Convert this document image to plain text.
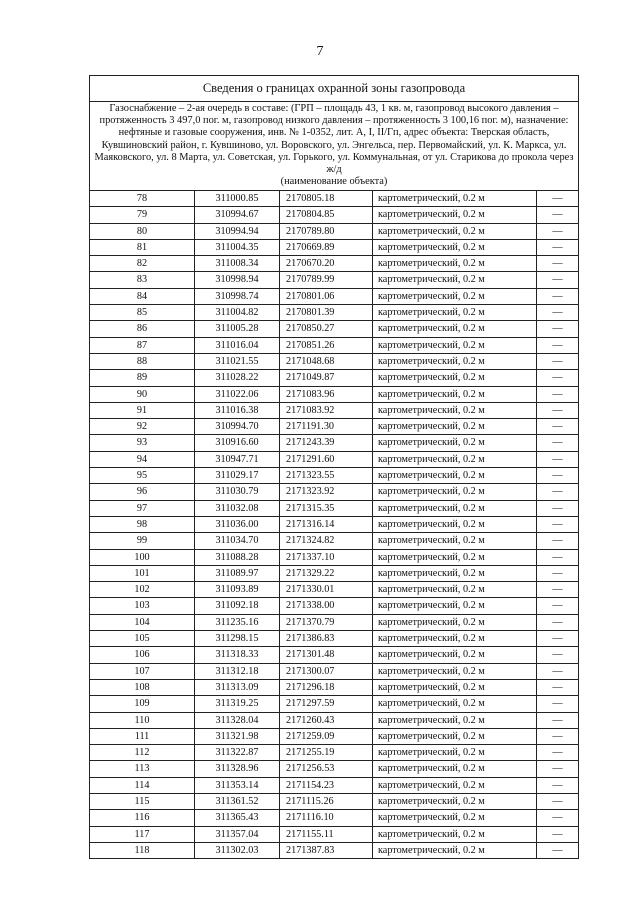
7
Сведения о границах охранной зоны газопровода
Газоснабжение – 2-ая очередь в составе: (ГРП – площадь 43, 1 кв. м, газопровод высокого давления – протяженность 3 497,0 пог. м, газопровод низкого давления – протяженность 3 100,16 пог. м), назначение: нефтяные и газовые сооружения, инв. № 1-0352, лит. А, I, II/Гп, адрес объекта: Тверская область, Кувшиновский район, г. Кувшиново, ул. Воровского, ул. Энгельса, пер. Первомайский, ул. К. Маркса, ул. Маяковского, ул. 8 Марта, ул. Советская, ул. Горького, ул. Коммунальная, от ул. Старикова до прокола через ж/д
(наименование объекта)
78	311000.85	2170805.18	картометрический, 0.2 м	—
79	310994.67	2170804.85	картометрический, 0.2 м	—
80	310994.94	2170789.80	картометрический, 0.2 м	—
81	311004.35	2170669.89	картометрический, 0.2 м	—
82	311008.34	2170670.20	картометрический, 0.2 м	—
83	310998.94	2170789.99	картометрический, 0.2 м	—
84	310998.74	2170801.06	картометрический, 0.2 м	—
85	311004.82	2170801.39	картометрический, 0.2 м	—
86	311005.28	2170850.27	картометрический, 0.2 м	—
87	311016.04	2170851.26	картометрический, 0.2 м	—
88	311021.55	2171048.68	картометрический, 0.2 м	—
89	311028.22	2171049.87	картометрический, 0.2 м	—
90	311022.06	2171083.96	картометрический, 0.2 м	—
91	311016.38	2171083.92	картометрический, 0.2 м	—
92	310994.70	2171191.30	картометрический, 0.2 м	—
93	310916.60	2171243.39	картометрический, 0.2 м	—
94	310947.71	2171291.60	картометрический, 0.2 м	—
95	311029.17	2171323.55	картометрический, 0.2 м	—
96	311030.79	2171323.92	картометрический, 0.2 м	—
97	311032.08	2171315.35	картометрический, 0.2 м	—
98	311036.00	2171316.14	картометрический, 0.2 м	—
99	311034.70	2171324.82	картометрический, 0.2 м	—
100	311088.28	2171337.10	картометрический, 0.2 м	—
101	311089.97	2171329.22	картометрический, 0.2 м	—
102	311093.89	2171330.01	картометрический, 0.2 м	—
103	311092.18	2171338.00	картометрический, 0.2 м	—
104	311235.16	2171370.79	картометрический, 0.2 м	—
105	311298.15	2171386.83	картометрический, 0.2 м	—
106	311318.33	2171301.48	картометрический, 0.2 м	—
107	311312.18	2171300.07	картометрический, 0.2 м	—
108	311313.09	2171296.18	картометрический, 0.2 м	—
109	311319.25	2171297.59	картометрический, 0.2 м	—
110	311328.04	2171260.43	картометрический, 0.2 м	—
111	311321.98	2171259.09	картометрический, 0.2 м	—
112	311322.87	2171255.19	картометрический, 0.2 м	—
113	311328.96	2171256.53	картометрический, 0.2 м	—
114	311353.14	2171154.23	картометрический, 0.2 м	—
115	311361.52	2171115.26	картометрический, 0.2 м	—
116	311365.43	2171116.10	картометрический, 0.2 м	—
117	311357.04	2171155.11	картометрический, 0.2 м	—
118	311302.03	2171387.83	картометрический, 0.2 м	—
